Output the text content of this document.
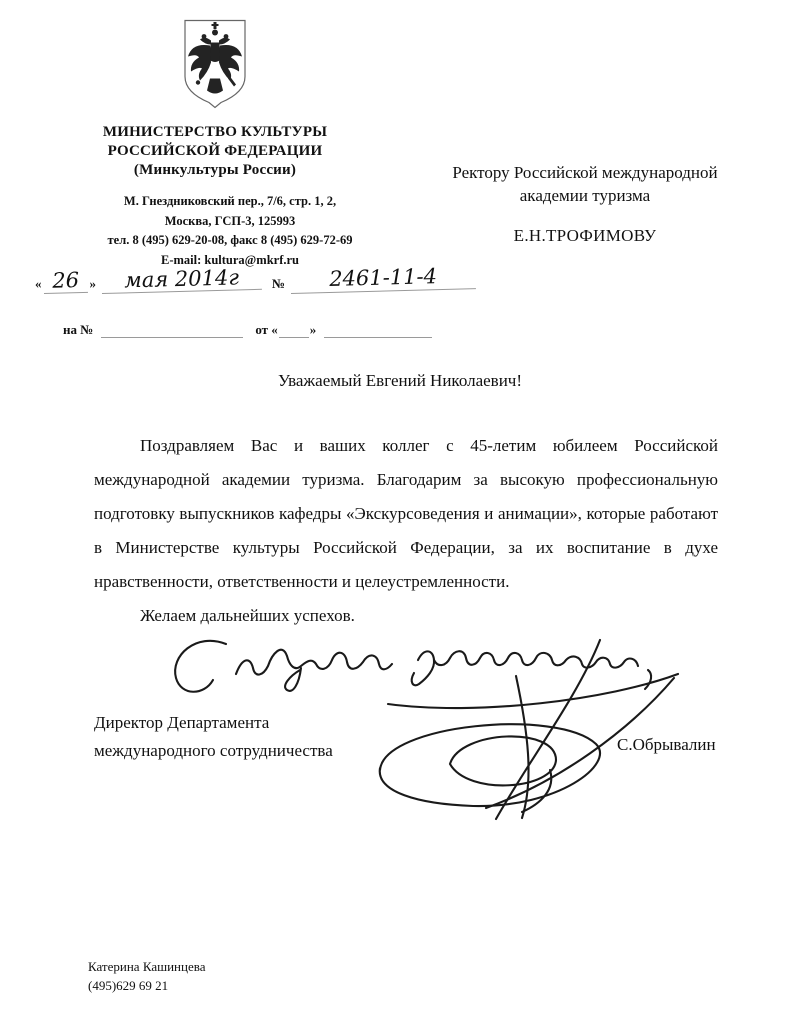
МИНИСТЕРСТВО КУЛЬТУРЫ
РОССИЙСКОЙ ФЕДЕРАЦИИ
(Минкультуры России)
М. Гнездниковский пер., 7/6, стр. 1, 2,
Москва, ГСП-3, 125993
тел. 8 (495) 629-20-08, факс 8 (495) 629-72-69
E-mail: kultura@mkrf.ru
« 26 »	мая 2014г	№	2461-11-4
на №	от « »
Ректору Российской международной
академии туризма
Е.Н.ТРОФИМОВУ
Уважаемый Евгений Николаевич!

Поздравляем Вас и ваших коллег с 45-летим юбилеем Российской международной академии туризма. Благодарим за высокую профессиональную подготовку выпускников кафедры «Экскурсоведения и анимации», которые работают в Министерстве культуры Российской Федерации, за их воспитание в духе нравственности, ответственности и целеустремленности.

Желаем дальнейших успехов.

Директор Департамента
международного сотрудничества	С.Обрывалин
Катерина Кашинцева
(495)629 69 21
